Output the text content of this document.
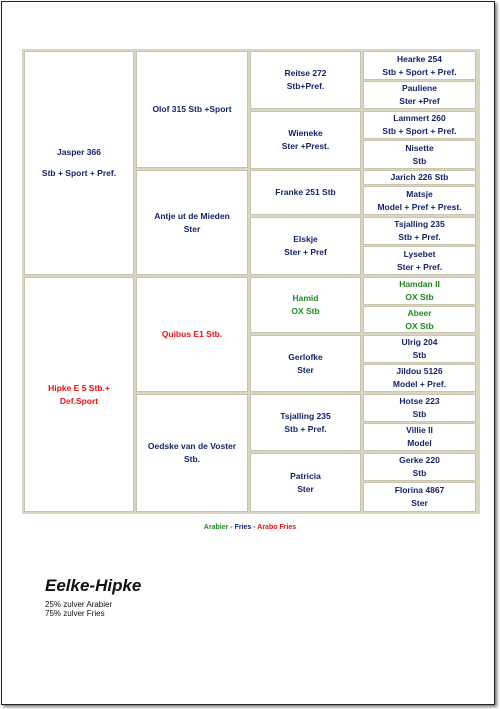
Jasper 366
Stb + Sport + Pref.
Hipke E 5 Stb.+
Def.Sport
Olof 315 Stb +Sport
Antje ut de Mieden
Ster
Quibus E1 Stb.
Oedske van de Voster
Stb.
Reitse 272
Stb+Pref.
Wieneke
Ster +Prest.
Franke 251 Stb
Elskje
Ster + Pref
Hamid
OX Stb
Gerlofke
Ster
Tsjalling 235
Stb + Pref.
Patricia
Ster
Hearke 254
Stb + Sport + Pref.
Pauliene
Ster +Pref
Lammert 260
Stb + Sport + Pref.
Nisette
Stb
Jarich 226 Stb
Matsje
Model + Pref + Prest.
Tsjalling 235
Stb + Pref.
Lysebet
Ster + Pref.
Hamdan II
OX Stb
Abeer
OX Stb
Ulrig 204
Stb
Jildou 5126
Model + Pref.
Hotse 223
Stb
Villie II
Model
Gerke 220
Stb
Florina 4867
Ster
Arabier - Fries - Arabo Fries
Eelke-Hipke
25% zulver Arabier
75% zulver Fries
